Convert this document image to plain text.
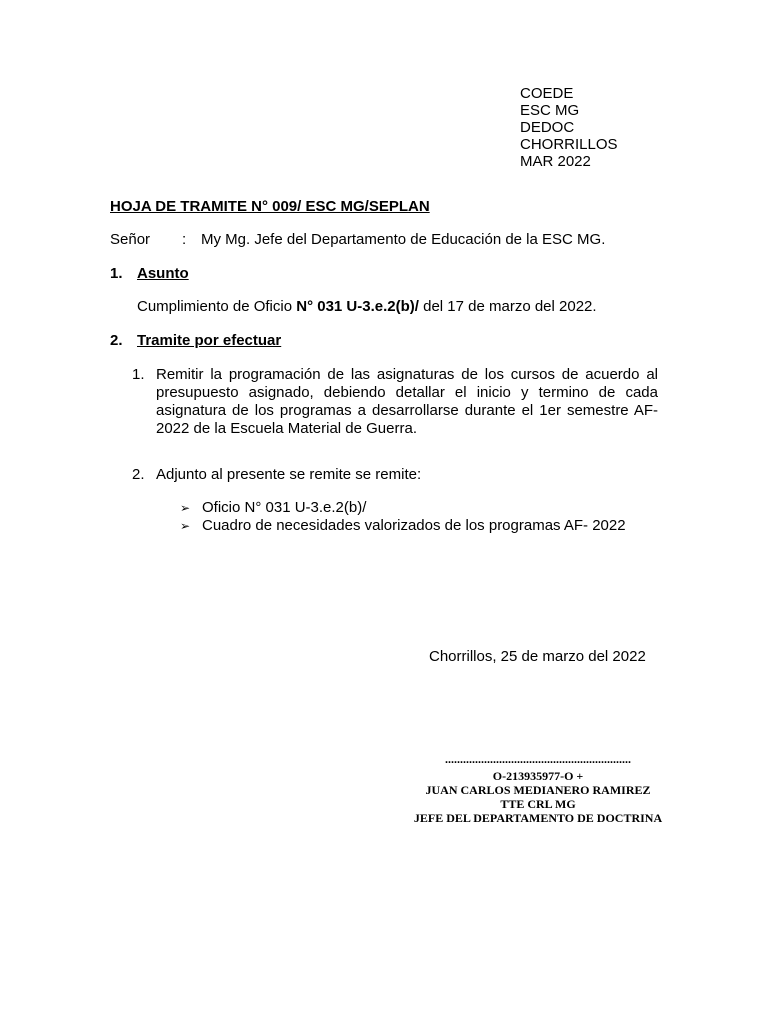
COEDE
ESC MG
DEDOC
CHORRILLOS
MAR 2022
HOJA DE TRAMITE N° 009/ ESC MG/SEPLAN
Señor : My Mg. Jefe del Departamento de Educación de la ESC MG.
1. Asunto
Cumplimiento de Oficio N° 031 U-3.e.2(b)/ del 17 de marzo del 2022.
2. Tramite por efectuar
1. Remitir la programación de las asignaturas de los cursos de acuerdo al presupuesto asignado, debiendo detallar el inicio y termino de cada asignatura de los programas a desarrollarse durante el 1er semestre AF-2022 de la Escuela Material de Guerra.
2. Adjunto al presente se remite se remite:
➢ Oficio N° 031 U-3.e.2(b)/
➢ Cuadro de necesidades valorizados de los programas AF- 2022
Chorrillos, 25 de marzo del 2022
..............................................................
O-213935977-O +
JUAN CARLOS MEDIANERO RAMIREZ
TTE CRL MG
JEFE DEL DEPARTAMENTO DE DOCTRINA
